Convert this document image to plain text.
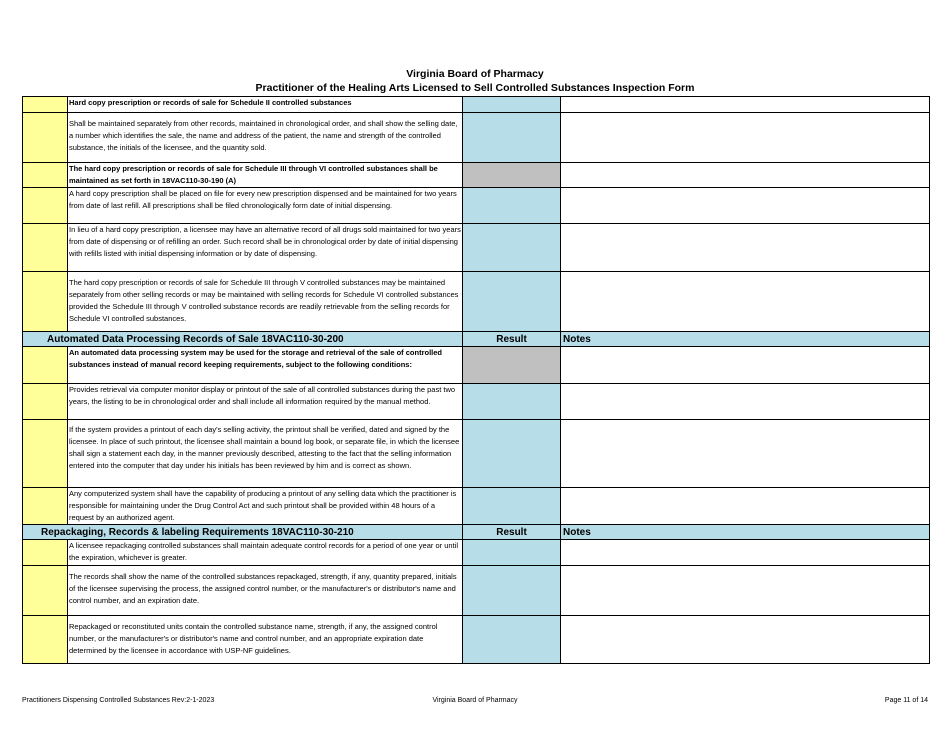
Virginia Board of Pharmacy
Practitioner of the Healing Arts Licensed to Sell Controlled Substances Inspection Form
	Hard copy prescription or records of sale for Schedule II controlled substances		
	Shall be maintained separately from other records, maintained in chronological order, and shall show the selling date, a number which identifies the sale, the name and address of the patient, the name and strength of the controlled substance, the initials of the licensee, and the quantity sold.		
	The hard copy prescription or records of sale for Schedule III through VI controlled substances shall be maintained as set forth in 18VAC110-30-190 (A)		
	A hard copy prescription shall be placed on file for every new prescription dispensed and be maintained for two years from date of last refill. All prescriptions shall be filed chronologically form date of initial dispensing.		
	In lieu of a hard copy prescription, a licensee may have an alternative record of all drugs sold maintained for two years from date of dispensing or of refilling an order. Such record shall be in chronological order by date of initial dispensing with refills listed with initial dispensing information or by date of dispensing.		
	The hard copy prescription or records of sale for Schedule III through V controlled substances may be maintained separately from other selling records or may be maintained with selling records for Schedule VI controlled substances provided the Schedule III through V controlled substance records are readily retrievable from the selling records for Schedule VI controlled substances.		
Automated Data Processing Records of Sale 18VAC110-30-200		Result	Notes
	An automated data processing system may be used for the storage and retrieval of the sale of controlled substances instead of manual record keeping requirements, subject to the following conditions:		
	Provides retrieval via computer monitor display or printout of the sale of all controlled substances during the past two years, the listing to be in chronological order and shall include all information required by the manual method.		
	If the system provides a printout of each day's selling activity, the printout shall be verified, dated and signed by the licensee. In place of such printout, the licensee shall maintain a bound log book, or separate file, in which the licensee shall sign a statement each day, in the manner previously described, attesting to the fact that the selling information entered into the computer that day under his initials has been reviewed by him and is correct as shown.		
	Any computerized system shall have the capability of producing a printout of any selling data which the practitioner is responsible for maintaining under the Drug Control Act and such printout shall be provided within 48 hours of a request by an authorized agent.		
Repackaging, Records & labeling Requirements 18VAC110-30-210		Result	Notes
	A licensee repackaging controlled substances shall maintain adequate control records for a period of one year or until the expiration, whichever is greater.		
	The records shall show the name of the controlled substances repackaged, strength, if any, quantity prepared, initials of the licensee supervising the process, the assigned control number, or the manufacturer's or distributor's name and control number, and an expiration date.		
	Repackaged or reconstituted units contain the controlled substance name, strength, if any, the assigned control number, or the manufacturer's or distributor's name and control number, and an appropriate expiration date determined by the licensee in accordance with USP-NF guidelines.		
Practitioners Dispensing Controlled Substances Rev:2-1-2023	Virginia Board of Pharmacy	Page 11 of 14
